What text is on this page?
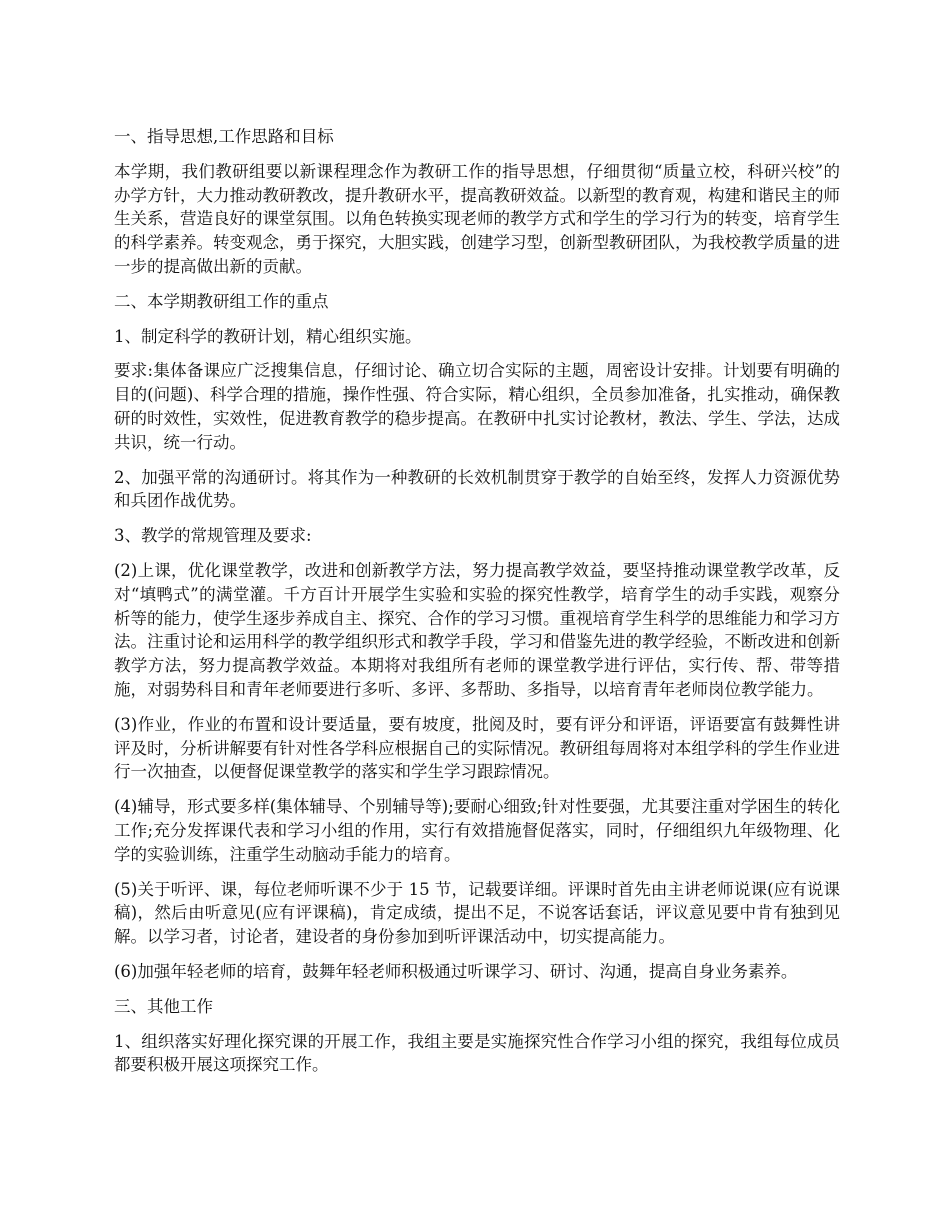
一、指导思想,工作思路和目标

本学期，我们教研组要以新课程理念作为教研工作的指导思想，仔细贯彻“质量立校，科研兴校”的办学方针，大力推动教研教改，提升教研水平，提高教研效益。以新型的教育观，构建和谐民主的师生关系，营造良好的课堂氛围。以角色转换实现老师的教学方式和学生的学习行为的转变，培育学生的科学素养。转变观念，勇于探究，大胆实践，创建学习型，创新型教研团队，为我校教学质量的进一步的提高做出新的贡献。

二、本学期教研组工作的重点

1、制定科学的教研计划，精心组织实施。

要求:集体备课应广泛搜集信息，仔细讨论、确立切合实际的主题，周密设计安排。计划要有明确的目的(问题)、科学合理的措施，操作性强、符合实际，精心组织，全员参加准备，扎实推动，确保教研的时效性，实效性，促进教育教学的稳步提高。在教研中扎实讨论教材，教法、学生、学法，达成共识，统一行动。

2、加强平常的沟通研讨。将其作为一种教研的长效机制贯穿于教学的自始至终，发挥人力资源优势和兵团作战优势。

3、教学的常规管理及要求:

(2)上课，优化课堂教学，改进和创新教学方法，努力提高教学效益，要坚持推动课堂教学改革，反对“填鸭式”的满堂灌。千方百计开展学生实验和实验的探究性教学，培育学生的动手实践，观察分析等的能力，使学生逐步养成自主、探究、合作的学习习惯。重视培育学生科学的思维能力和学习方法。注重讨论和运用科学的教学组织形式和教学手段，学习和借鉴先进的教学经验，不断改进和创新教学方法，努力提高教学效益。本期将对我组所有老师的课堂教学进行评估，实行传、帮、带等措施，对弱势科目和青年老师要进行多听、多评、多帮助、多指导，以培育青年老师岗位教学能力。

(3)作业，作业的布置和设计要适量，要有坡度，批阅及时，要有评分和评语，评语要富有鼓舞性讲评及时，分析讲解要有针对性各学科应根据自己的实际情况。教研组每周将对本组学科的学生作业进行一次抽查，以便督促课堂教学的落实和学生学习跟踪情况。

(4)辅导，形式要多样(集体辅导、个别辅导等);要耐心细致;针对性要强，尤其要注重对学困生的转化工作;充分发挥课代表和学习小组的作用，实行有效措施督促落实，同时，仔细组织九年级物理、化学的实验训练，注重学生动脑动手能力的培育。

(5)关于听评、课，每位老师听课不少于 15 节，记载要详细。评课时首先由主讲老师说课(应有说课稿)，然后由听意见(应有评课稿)，肯定成绩，提出不足，不说客话套话，评议意见要中肯有独到见解。以学习者，讨论者，建设者的身份参加到听评课活动中，切实提高能力。

(6)加强年轻老师的培育，鼓舞年轻老师积极通过听课学习、研讨、沟通，提高自身业务素养。

三、其他工作

1、组织落实好理化探究课的开展工作，我组主要是实施探究性合作学习小组的探究，我组每位成员都要积极开展这项探究工作。
